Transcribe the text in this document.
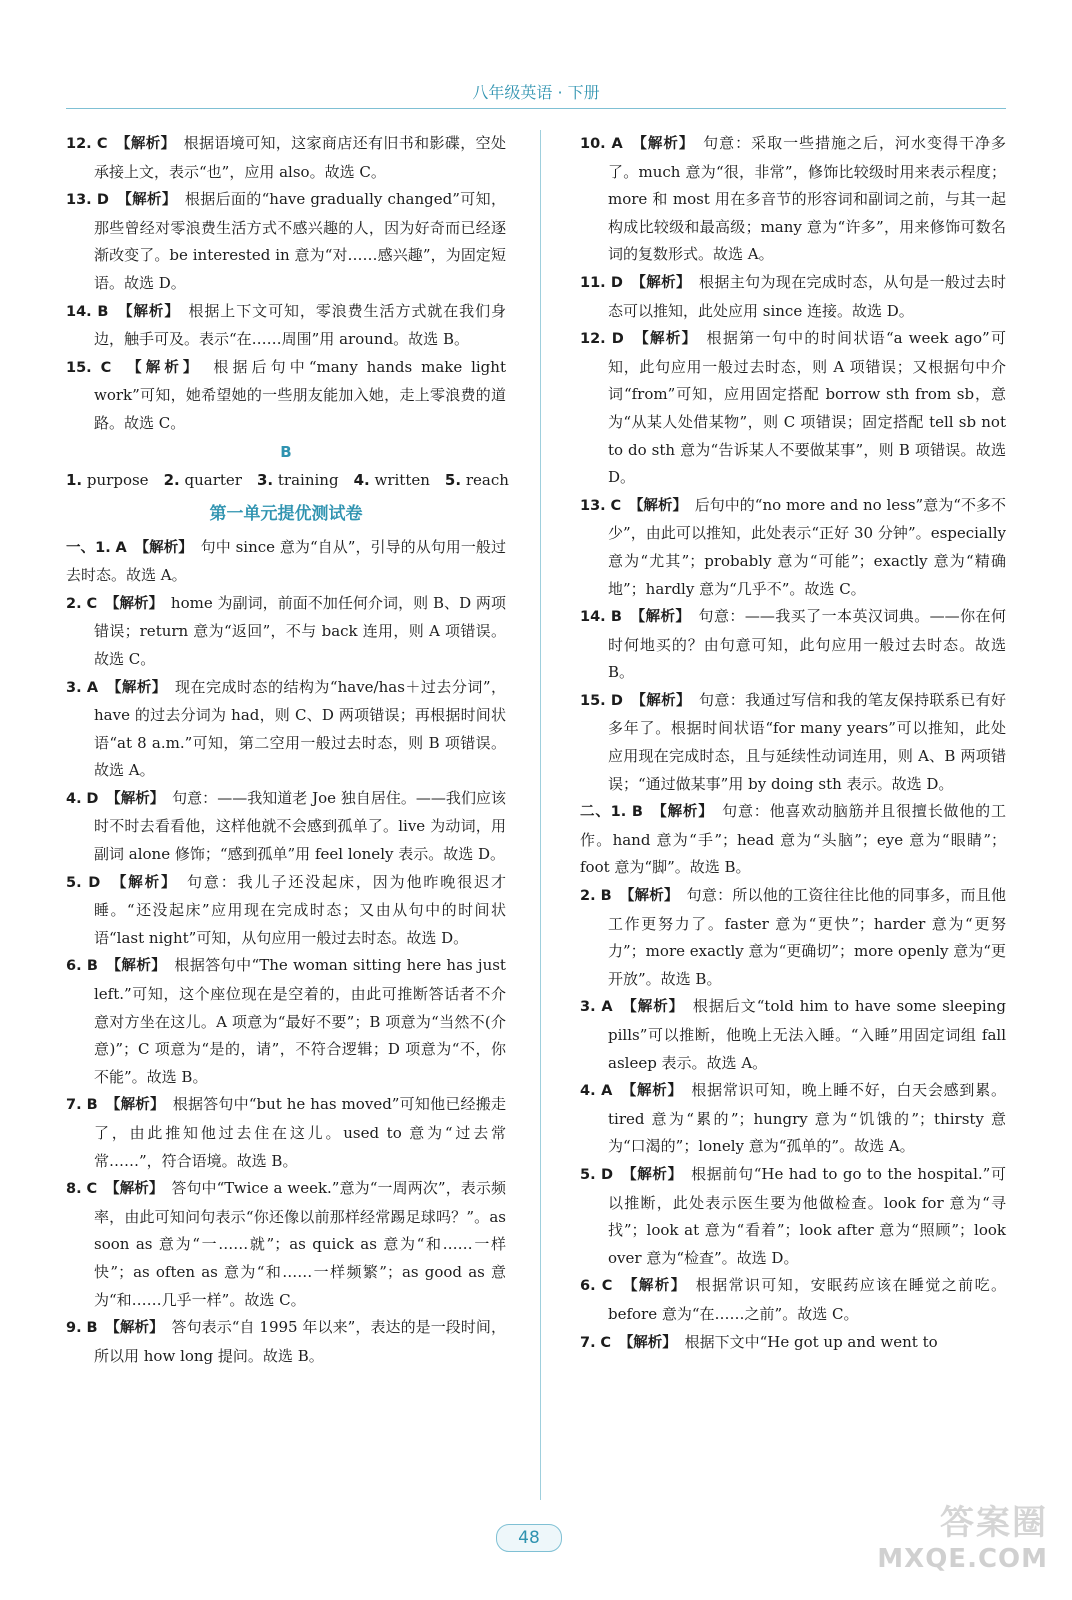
八年级英语 · 下册

12. C　 【解析】　 根据语境可知，这家商店还有旧书和影碟，空处承接上文，表示“也”，应用 also。故选 C。

13. D　 【解析】　 根据后面的“have gradually changed”可知，那些曾经对零浪费生活方式不感兴趣的人，因为好奇而已经逐渐改变了。be interested in 意为“对……感兴趣”，为固定短语。故选 D。

14. B　 【解析】　 根据上下文可知，零浪费生活方式就在我们身边，触手可及。表示“在……周围”用 around。故选 B。

15. C　 【解析】　 根据后句中“many hands make light work”可知，她希望她的一些朋友能加入她，走上零浪费的道路。故选 C。

B

1. purpose　 2. quarter　 3. training　 4. written　 5. reach

第一单元提优测试卷

一、1. A　 【解析】　 句中 since 意为“自从”，引导的从句用一般过去时态。故选 A。

2. C　 【解析】　 home 为副词，前面不加任何介词，则 B、D 两项错误；return 意为“返回”，不与 back 连用，则 A 项错误。故选 C。

3. A　 【解析】　 现在完成时态的结构为“have/has＋过去分词”，have 的过去分词为 had，则 C、D 两项错误；再根据时间状语“at 8 a.m.”可知，第二空用一般过去时态，则 B 项错误。故选 A。

4. D　 【解析】　 句意：——我知道老 Joe 独自居住。——我们应该时不时去看看他，这样他就不会感到孤单了。live 为动词，用副词 alone 修饰；“感到孤单”用 feel lonely 表示。故选 D。

5. D　 【解析】　 句意：我儿子还没起床，因为他昨晚很迟才睡。“还没起床”应用现在完成时态；又由从句中的时间状语“last night”可知，从句应用一般过去时态。故选 D。

6. B　 【解析】　 根据答句中“The woman sitting here has just left.”可知，这个座位现在是空着的，由此可推断答话者不介意对方坐在这儿。A 项意为“最好不要”；B 项意为“当然不(介意)”；C 项意为“是的，请”，不符合逻辑；D 项意为“不，你不能”。故选 B。

7. B　 【解析】　 根据答句中“but he has moved”可知他已经搬走了，由此推知他过去住在这儿。used to 意为“过去常常……”，符合语境。故选 B。

8. C　 【解析】　 答句中“Twice a week.”意为“一周两次”，表示频率，由此可知问句表示“你还像以前那样经常踢足球吗？”。as soon as 意为“一……就”；as quick as 意为“和……一样快”；as often as 意为“和……一样频繁”；as good as 意为“和……几乎一样”。故选 C。

9. B　 【解析】　 答句表示“自 1995 年以来”，表达的是一段时间，所以用 how long 提问。故选 B。

10. A　 【解析】　 句意：采取一些措施之后，河水变得干净多了。much 意为“很，非常”，修饰比较级时用来表示程度；more 和 most 用在多音节的形容词和副词之前，与其一起构成比较级和最高级；many 意为“许多”，用来修饰可数名词的复数形式。故选 A。

11. D　 【解析】　 根据主句为现在完成时态，从句是一般过去时态可以推知，此处应用 since 连接。故选 D。

12. D　 【解析】　 根据第一句中的时间状语“a week ago”可知，此句应用一般过去时态，则 A 项错误；又根据句中介词“from”可知，应用固定搭配 borrow sth from sb，意为“从某人处借某物”，则 C 项错误；固定搭配 tell sb not to do sth 意为“告诉某人不要做某事”，则 B 项错误。故选 D。

13. C　 【解析】　 后句中的“no more and no less”意为“不多不少”，由此可以推知，此处表示“正好 30 分钟”。especially 意为“尤其”；probably 意为“可能”；exactly 意为“精确地”；hardly 意为“几乎不”。故选 C。

14. B　 【解析】　 句意：——我买了一本英汉词典。——你在何时何地买的？由句意可知，此句应用一般过去时态。故选 B。

15. D　 【解析】　 句意：我通过写信和我的笔友保持联系已有好多年了。根据时间状语“for many years”可以推知，此处应用现在完成时态，且与延续性动词连用，则 A、B 两项错误；“通过做某事”用 by doing sth 表示。故选 D。

二、1. B　 【解析】　 句意：他喜欢动脑筋并且很擅长做他的工作。hand 意为“手”；head 意为“头脑”；eye 意为“眼睛”；foot 意为“脚”。故选 B。

2. B　 【解析】　 句意：所以他的工资往往比他的同事多，而且他工作更努力了。faster 意为“更快”；harder 意为“更努力”；more exactly 意为“更确切”；more openly 意为“更开放”。故选 B。

3. A　 【解析】　 根据后文“told him to have some sleeping pills”可以推断，他晚上无法入睡。“入睡”用固定词组 fall asleep 表示。故选 A。

4. A　 【解析】　 根据常识可知，晚上睡不好，白天会感到累。tired 意为“累的”；hungry 意为“饥饿的”；thirsty 意为“口渴的”；lonely 意为“孤单的”。故选 A。

5. D　 【解析】　 根据前句“He had to go to the hospital.”可以推断，此处表示医生要为他做检查。look for 意为“寻找”；look at 意为“看着”；look after 意为“照顾”；look over 意为“检查”。故选 D。

6. C　 【解析】　 根据常识可知，安眠药应该在睡觉之前吃。before 意为“在……之前”。故选 C。

7. C　 【解析】　 根据下文中“He got up and went to

48	答案圈
MXQE.COM
